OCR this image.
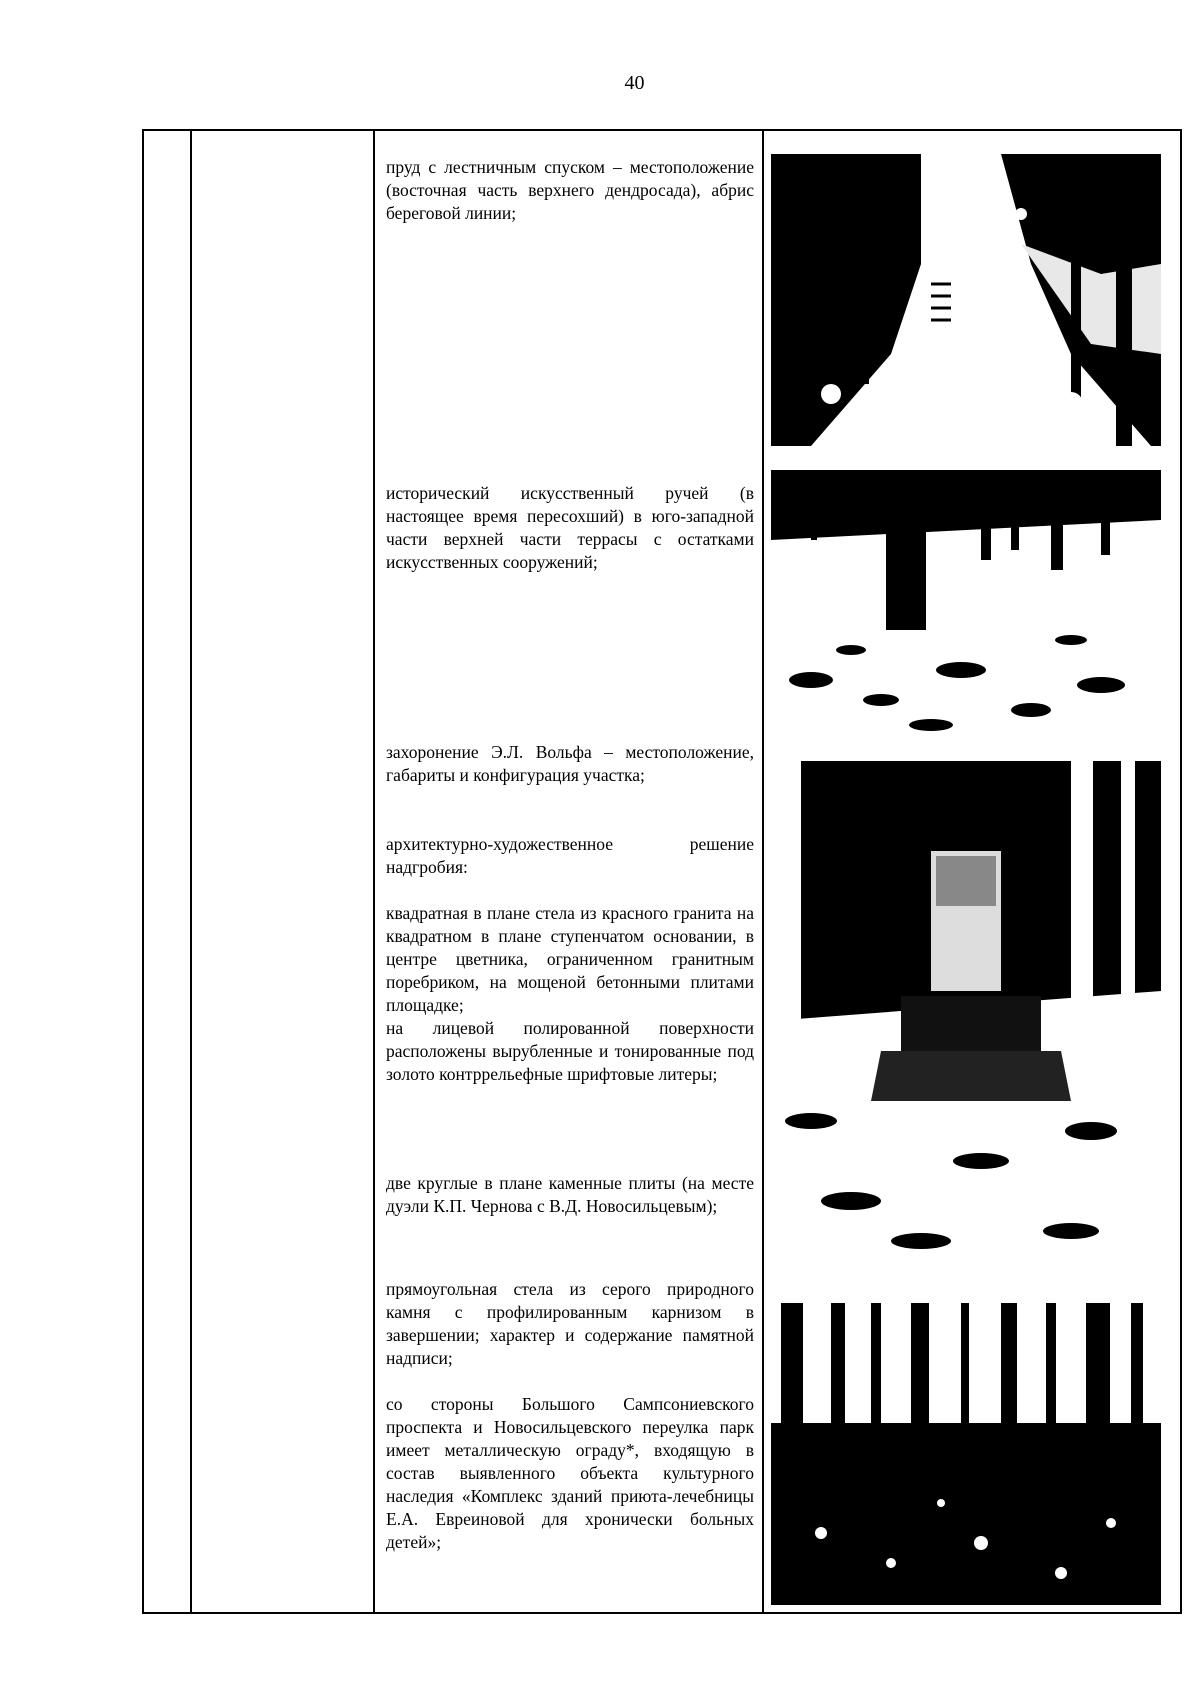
40

пруд с лестничным спуском – местоположение (восточная часть верхнего дендросада), абрис береговой линии;

исторический искусственный ручей (в настоящее время пересохший) в юго-западной части верхней части террасы с остатками искусственных сооружений;

захоронение Э.Л. Вольфа – местоположение, габариты и конфигурация участка;

архитектурно-художественное решение надгробия:

квадратная в плане стела из красного гранита на квадратном в плане ступенчатом основании, в центре цветника, ограниченном гранитным поребриком, на мощеной бетонными плитами площадке;

на лицевой полированной поверхности расположены вырубленные и тонированные под золото контррельефные шрифтовые литеры;

две круглые в плане каменные плиты (на месте дуэли К.П. Чернова с В.Д. Новосильцевым);

прямоугольная стела из серого природного камня с профилированным карнизом в завершении; характер и содержание памятной надписи;

со стороны Большого Сампсониевского проспекта и Новосильцевского переулка парк имеет металлическую ограду*, входящую в состав выявленного объекта культурного наследия «Комплекс зданий приюта-лечебницы Е.А. Евреиновой для хронически больных детей»;
